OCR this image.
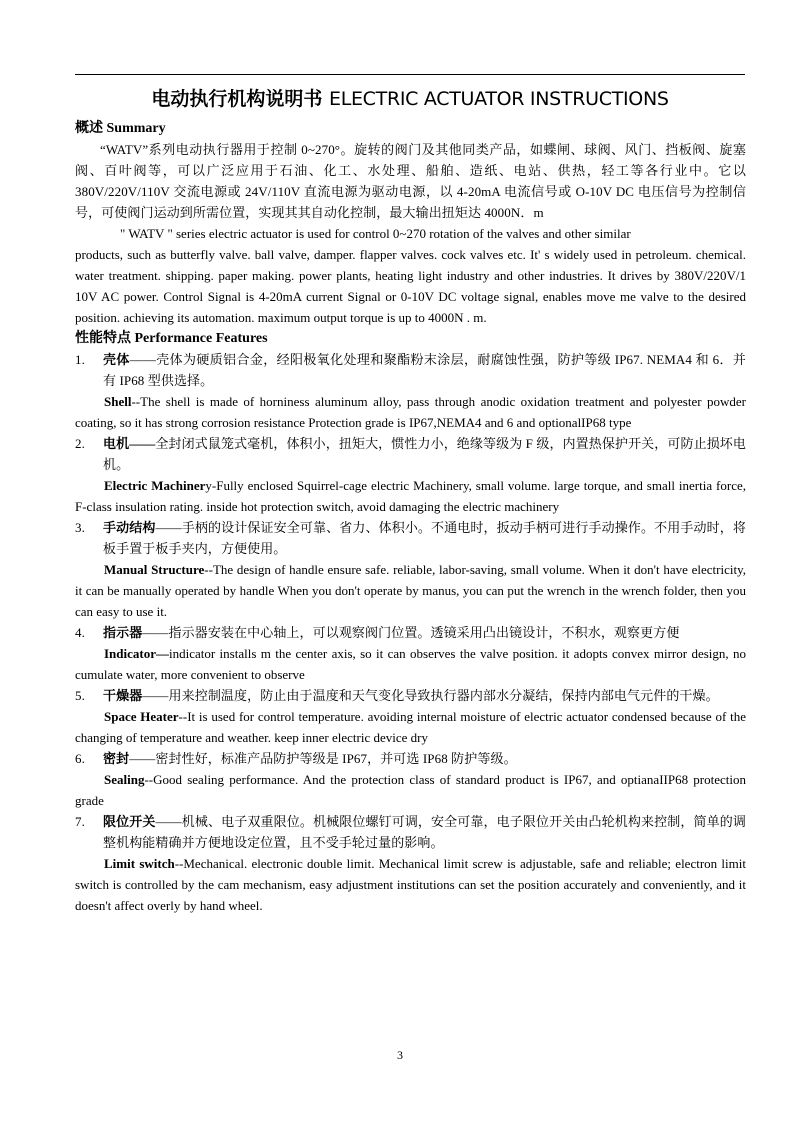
电动执行机构说明书 ELECTRIC ACTUATOR INSTRUCTIONS

概述 Summary

“WATV”系列电动执行器用于控制 0~270°。旋转的阀门及其他同类产品，如蝶闸、球阀、风门、挡板阀、旋塞阀、百叶阀等，可以广泛应用于石油、化工、水处理、船舶、造纸、电站、供热，轻工等各行业中。它以 380V/220V/110V 交流电源或 24V/110V 直流电源为驱动电源，以 4-20mA 电流信号或 O-10V DC 电压信号为控制信号，可使阀门运动到所需位置，实现其其自动化控制，最大输出扭矩达 4000N．m

" WATV " series electric actuator is used for control 0~270 rotation of the valves and other similar

products, such as butterfly valve. ball valve, damper. flapper valves. cock valves etc. It' s widely used in petroleum. chemical. water treatment. shipping. paper making. power plants, heating light industry and other industries. It drives by 380V/220V/1 10V AC power. Control Signal is 4-20mA current Signal or 0-10V DC voltage signal, enables move me valve to the desired position. achieving its automation. maximum output torque is up to 4000N . m.

性能特点 Performance Features

1. 壳体——壳体为硬质铝合金，经阳极氧化处理和聚酯粉末涂层，耐腐蚀性强，防护等级 IP67. NEMA4 和 6．并有 IP68 型供选择。

Shell--The shell is made of horniness aluminum alloy, pass through anodic oxidation treatment and polyester powder coating, so it has strong corrosion resistance Protection grade is IP67,NEMA4 and 6 and optionalIP68 type

2. 电机——全封闭式鼠笼式毫机，体积小，扭矩大，惯性力小，绝缘等级为 F 级，内置热保护开关，可防止损坏电机。

Electric Machinery-Fully enclosed Squirrel-cage electric Machinery, small volume. large torque, and small inertia force, F-class insulation rating. inside hot protection switch, avoid damaging the electric machinery

3. 手动结构——手柄的设计保证安全可靠、省力、体积小。不通电时，扳动手柄可进行手动操作。不用手动时，将板手置于板手夹内，方便使用。

Manual Structure--The design of handle ensure safe. reliable, labor-saving, small volume. When it don't have electricity, it can be manually operated by handle When you don't operate by manus, you can put the wrench in the wrench folder, then you can easy to use it.

4. 指示器——指示器安装在中心轴上，可以观察阀门位置。透镜采用凸出镜设计，不积水，观察更方便

Indicator—indicator installs m the center axis, so it can observes the valve position. it adopts convex mirror design, no cumulate water, more convenient to observe

5. 干燥器——用来控制温度，防止由于温度和天气变化导致执行器内部水分凝结，保持内部电气元件的干燥。

Space Heater--It is used for control temperature. avoiding internal moisture of electric actuator condensed because of the changing of temperature and weather. keep inner electric device dry

6. 密封——密封性好，标准产品防护等级是 IP67，并可选 IP68 防护等级。

Sealing--Good sealing performance. And the protection class of standard product is IP67, and optianaIIP68 protection grade

7. 限位开关——机械、电子双重限位。机械限位螺钉可调，安全可靠，电子限位开关由凸轮机构来控制，简单的调整机构能精确并方便地设定位置，且不受手轮过量的影响。

Limit switch--Mechanical. electronic double limit. Mechanical limit screw is adjustable, safe and reliable; electron limit switch is controlled by the cam mechanism, easy adjustment institutions can set the position accurately and conveniently, and it doesn't affect overly by hand wheel.

3
